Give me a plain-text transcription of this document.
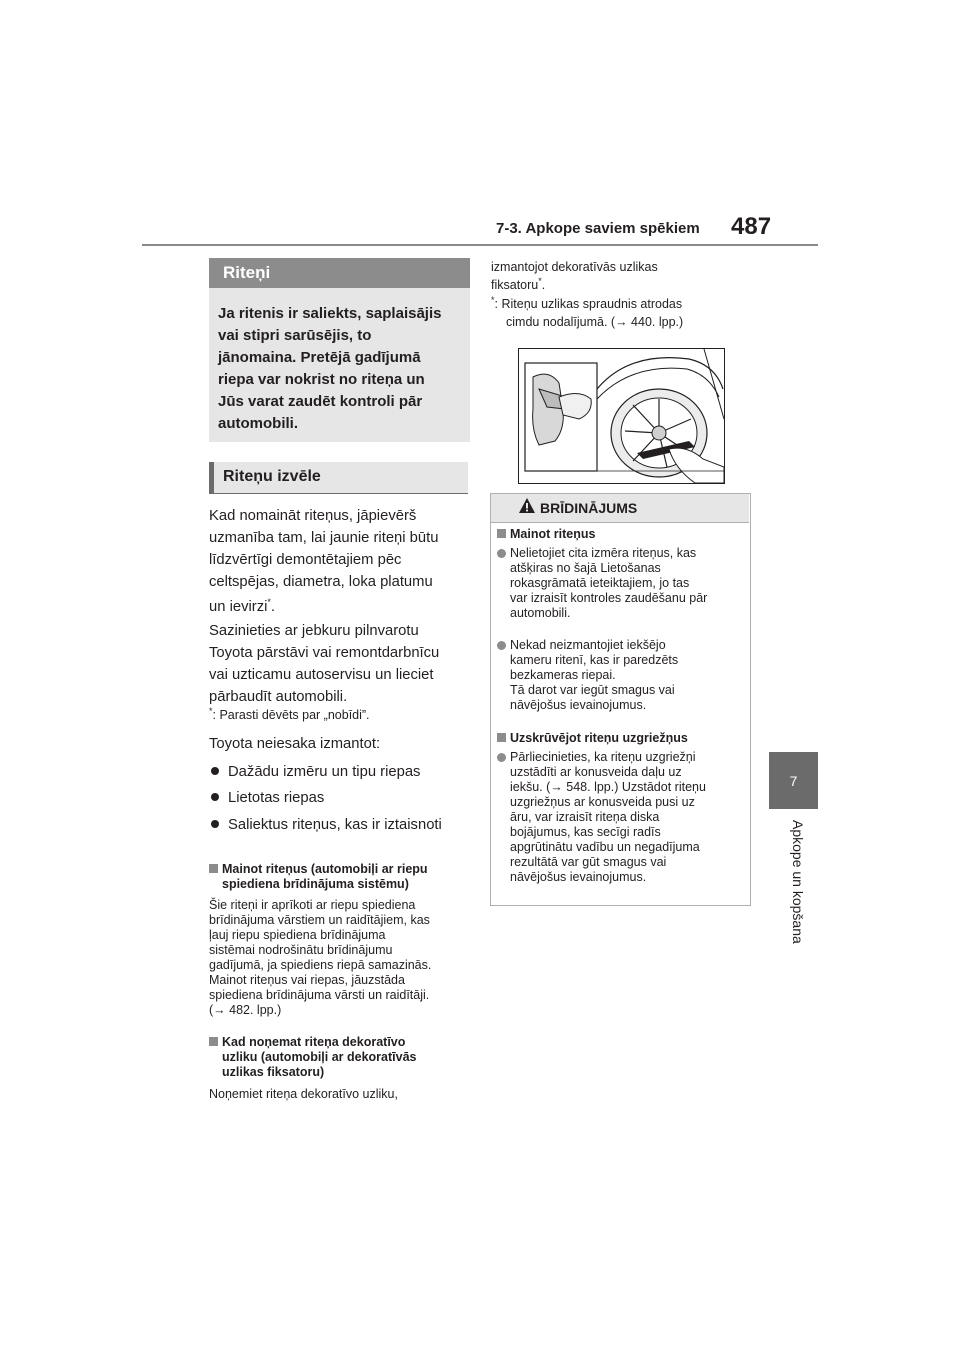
7-3. Apkope saviem spēkiem 487
7
Apkope un kopšana
Riteņi
Ja ritenis ir saliekts, saplaisājis
vai stipri sarūsējis, to
jānomaina. Pretējā gadījumā
riepa var nokrist no riteņa un
Jūs varat zaudēt kontroli pār
automobili.
Riteņu izvēle
Kad nomaināt riteņus, jāpievērš
uzmanība tam, lai jaunie riteņi būtu
līdzvērtīgi demontētajiem pēc
celtspējas, diametra, loka platumu
un ievirzi*.
Sazinieties ar jebkuru pilnvarotu
Toyota pārstāvi vai remontdarbnīcu
vai uzticamu autoservisu un lieciet
pārbaudīt automobili.
*: Parasti dēvēts par „nobīdi”.
Toyota neiesaka izmantot:
Dažādu izmēru un tipu riepas
Lietotas riepas
Saliektus riteņus, kas ir iztaisnoti
Mainot riteņus (automobiļi ar riepu
spiediena brīdinājuma sistēmu)
Šie riteņi ir aprīkoti ar riepu spiediena
brīdinājuma vārstiem un raidītājiem, kas
ļauj riepu spiediena brīdinājuma
sistēmai nodrošinātu brīdinājumu
gadījumā, ja spiediens riepā samazinās.
Mainot riteņus vai riepas, jāuzstāda
spiediena brīdinājuma vārsti un raidītāji.
(→ 482. lpp.)
Kad noņemat riteņa dekoratīvo
uzliku (automobiļi ar dekoratīvās
uzlikas fiksatoru)
Noņemiet riteņa dekoratīvo uzliku,
izmantojot dekoratīvās uzlikas
fiksatoru*.
*: Riteņu uzlikas spraudnis atrodas
cimdu nodalījumā. (→ 440. lpp.)
BRĪDINĀJUMS
Mainot riteņus
Nelietojiet cita izmēra riteņus, kas
atšķiras no šajā Lietošanas
rokasgrāmatā ieteiktajiem, jo tas
var izraisīt kontroles zaudēšanu pār
automobili.
Nekad neizmantojiet iekšējo
kameru ritenī, kas ir paredzēts
bezkameras riepai.
Tā darot var iegūt smagus vai
nāvējošus ievainojumus.
Uzskrūvējot riteņu uzgriežņus
Pārliecinieties, ka riteņu uzgriežņi
uzstādīti ar konusveida daļu uz
iekšu. (→ 548. lpp.) Uzstādot riteņu
uzgriežņus ar konusveida pusi uz
āru, var izraisīt riteņa diska
bojājumus, kas secīgi radīs
apgrūtinātu vadību un negadījuma
rezultātā var gūt smagus vai
nāvējošus ievainojumus.
